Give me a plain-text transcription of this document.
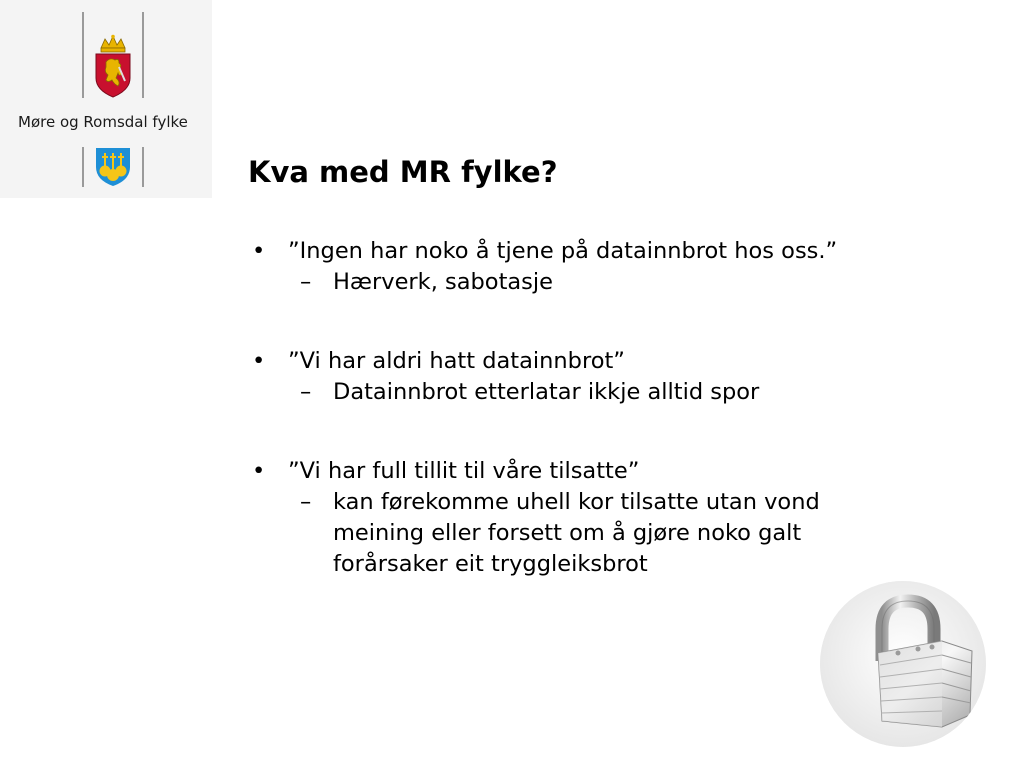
Møre og Romsdal fylke
Kva med MR fylke?
• ”Ingen har noko å tjene på datainnbrot hos oss.”
– Hærverk, sabotasje
• ”Vi har aldri hatt datainnbrot”
– Datainnbrot etterlatar ikkje alltid spor
• ”Vi har full tillit til våre tilsatte”
– kan førekomme uhell kor tilsatte utan vond meining eller forsett om å gjøre noko galt forårsaker eit tryggleiksbrot
